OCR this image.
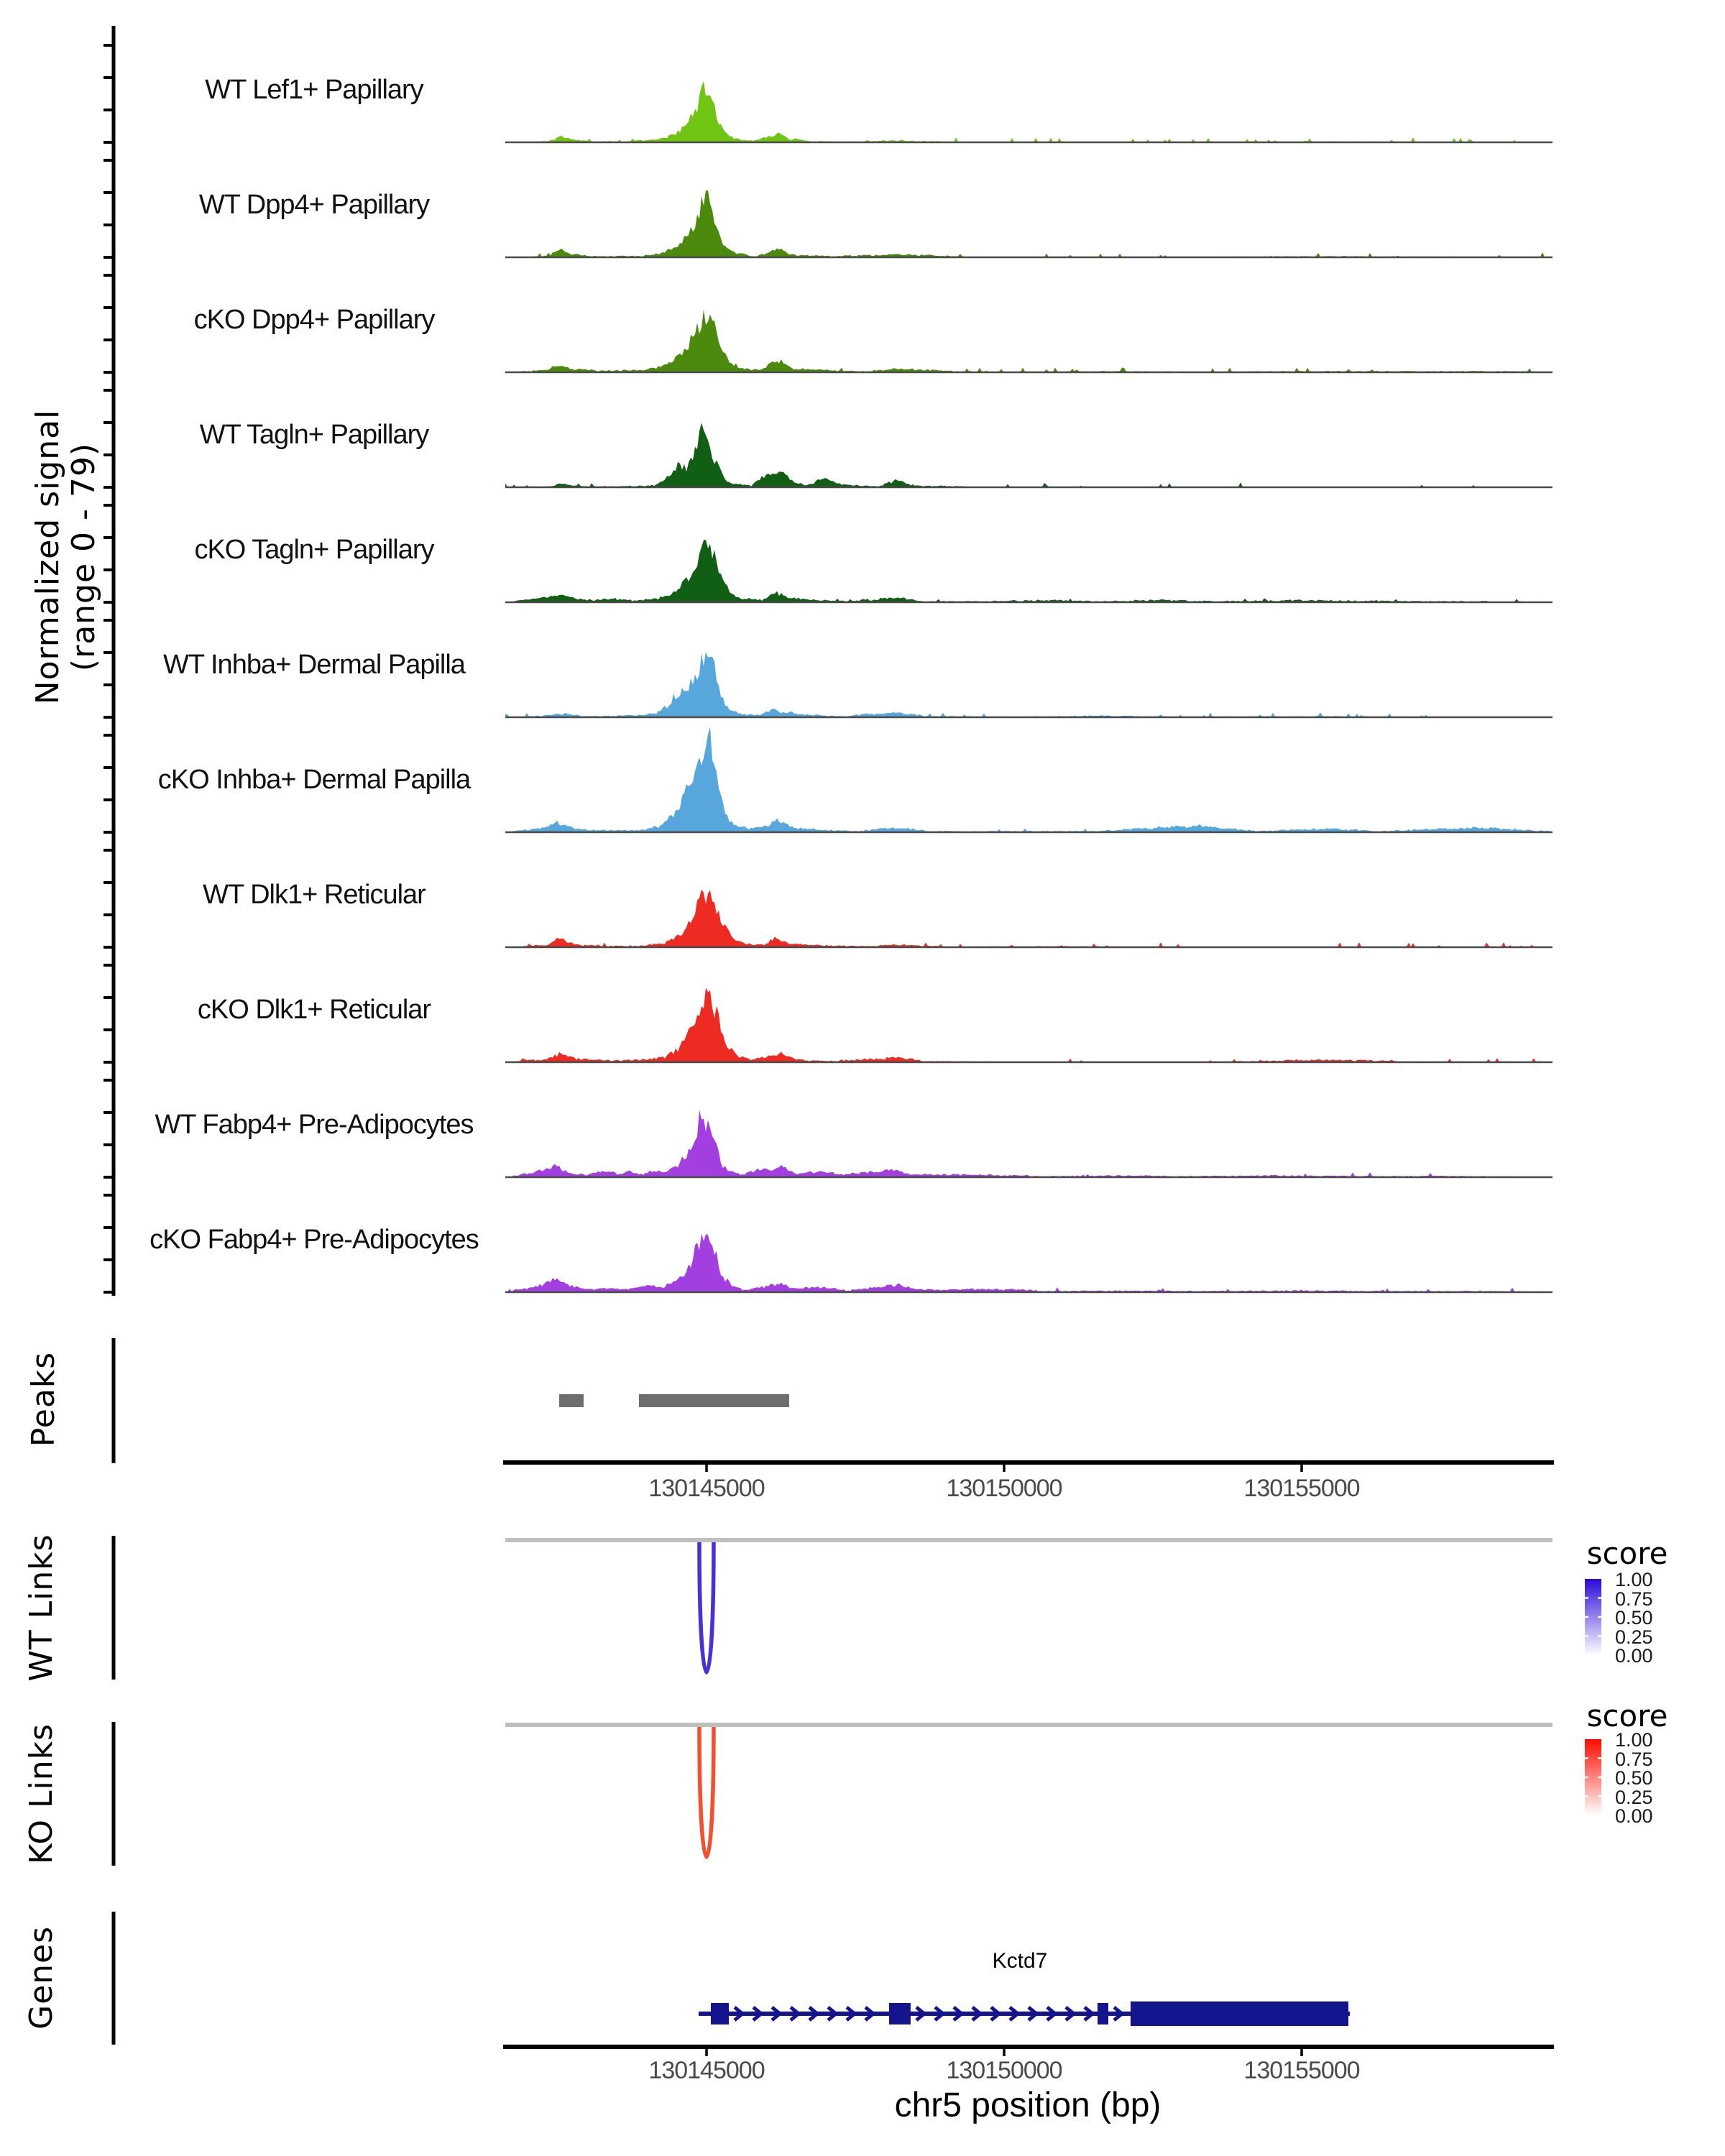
Normalized signal (range 0 - 79)
Peaks
WT Links
KO Links
Genes
WT Lef1+ Papillary
WT Dpp4+ Papillary
cKO Dpp4+ Papillary
WT Tagln+ Papillary
cKO Tagln+ Papillary
WT Inhba+ Dermal Papilla
cKO Inhba+ Dermal Papilla
WT Dlk1+ Reticular
cKO Dlk1+ Reticular
WT Fabp4+ Pre-Adipocytes
cKO Fabp4+ Pre-Adipocytes
130145000	130150000	130155000
130145000	130150000	130155000
score
score
1.00
0.75
0.50
0.25
0.00
1.00
0.75
0.50
0.25
0.00
Kctd7
chr5 position (bp)
